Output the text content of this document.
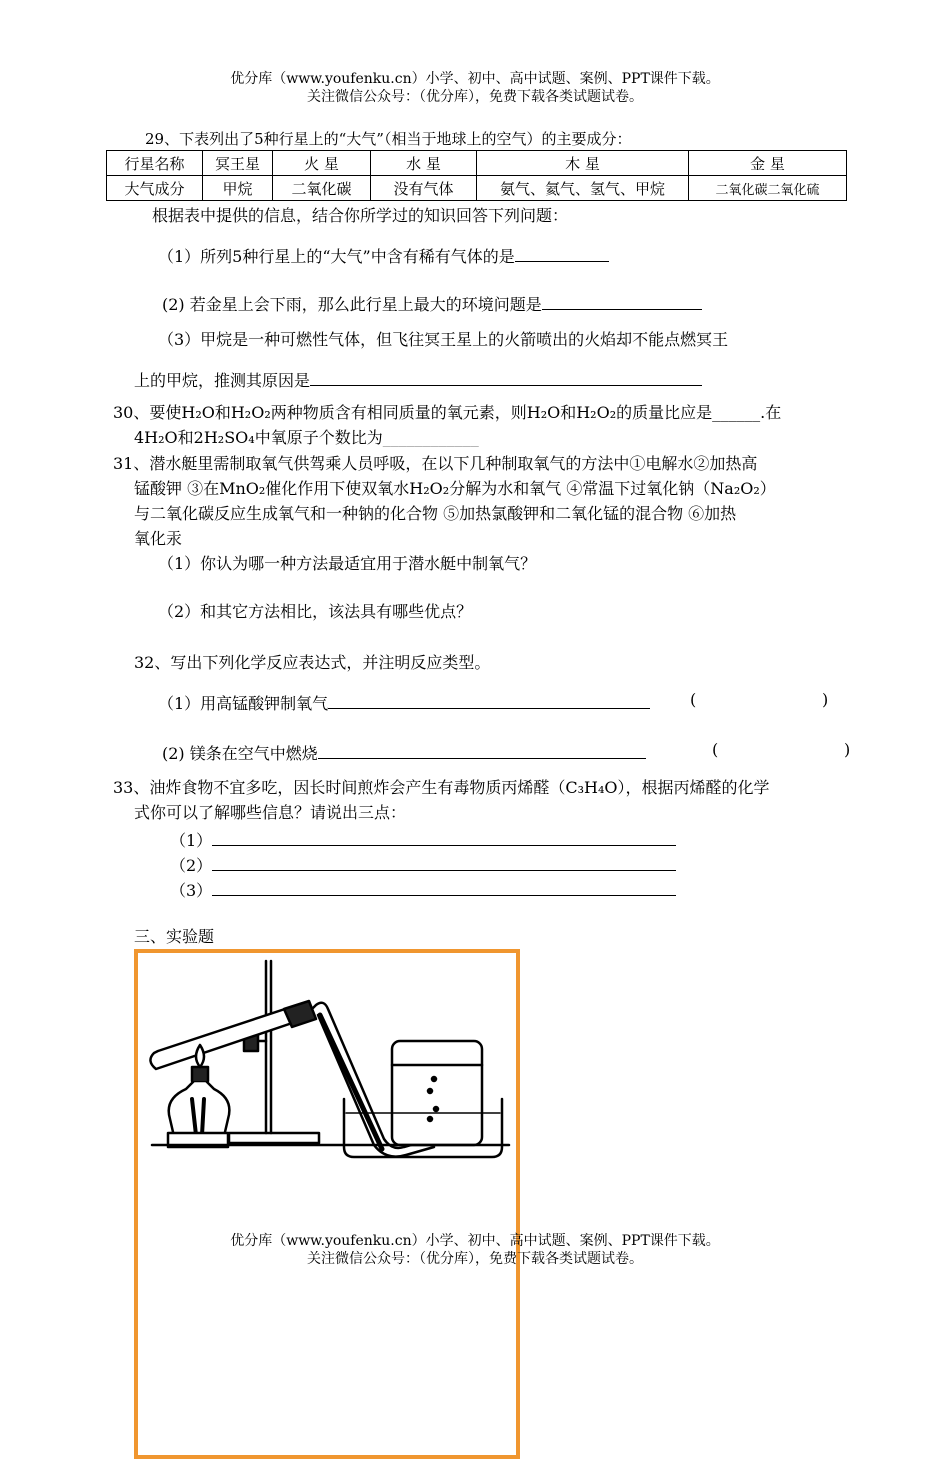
优分库（www.youfenku.cn）小学、初中、高中试题、案例、PPT课件下载。
关注微信公众号：（优分库），免费下载各类试题试卷。
29、下表列出了5种行星上的“大气”（相当于地球上的空气）的主要成分：
行星名称	冥王星	火 星	水 星	木 星	金 星
大气成分	甲烷	二氧化碳	没有气体	氨气、氦气、氢气、甲烷	二氧化碳二氧化硫
根据表中提供的信息，结合你所学过的知识回答下列问题：
（1）所列5种行星上的“大气”中含有稀有气体的是
(2) 若金星上会下雨，那么此行星上最大的环境问题是
（3）甲烷是一种可燃性气体，但飞往冥王星上的火箭喷出的火焰却不能点燃冥王
上的甲烷，推测其原因是
30、要使H₂O和H₂O₂两种物质含有相同质量的氧元素，则H₂O和H₂O₂的质量比应是______.在
4H₂O和2H₂SO₄中氧原子个数比为____________
31、潜水艇里需制取氧气供驾乘人员呼吸，在以下几种制取氧气的方法中①电解水②加热高
锰酸钾 ③在MnO₂催化作用下使双氧水H₂O₂分解为水和氧气 ④常温下过氧化钠（Na₂O₂）
与二氧化碳反应生成氧气和一种钠的化合物 ⑤加热氯酸钾和二氧化锰的混合物 ⑥加热
氧化汞
（1）你认为哪一种方法最适宜用于潜水艇中制氧气？
（2）和其它方法相比，该法具有哪些优点？
32、写出下列化学反应表达式，并注明反应类型。
（1）用高锰酸钾制氧气	(	)
(2) 镁条在空气中燃烧	(	)
33、油炸食物不宜多吃，因长时间煎炸会产生有毒物质丙烯醛（C₃H₄O），根据丙烯醛的化学
式你可以了解哪些信息？请说出三点：
（1）
（2）
（3）
三、实验题
优分库（www.youfenku.cn）小学、初中、高中试题、案例、PPT课件下载。
关注微信公众号：（优分库），免费下载各类试题试卷。
